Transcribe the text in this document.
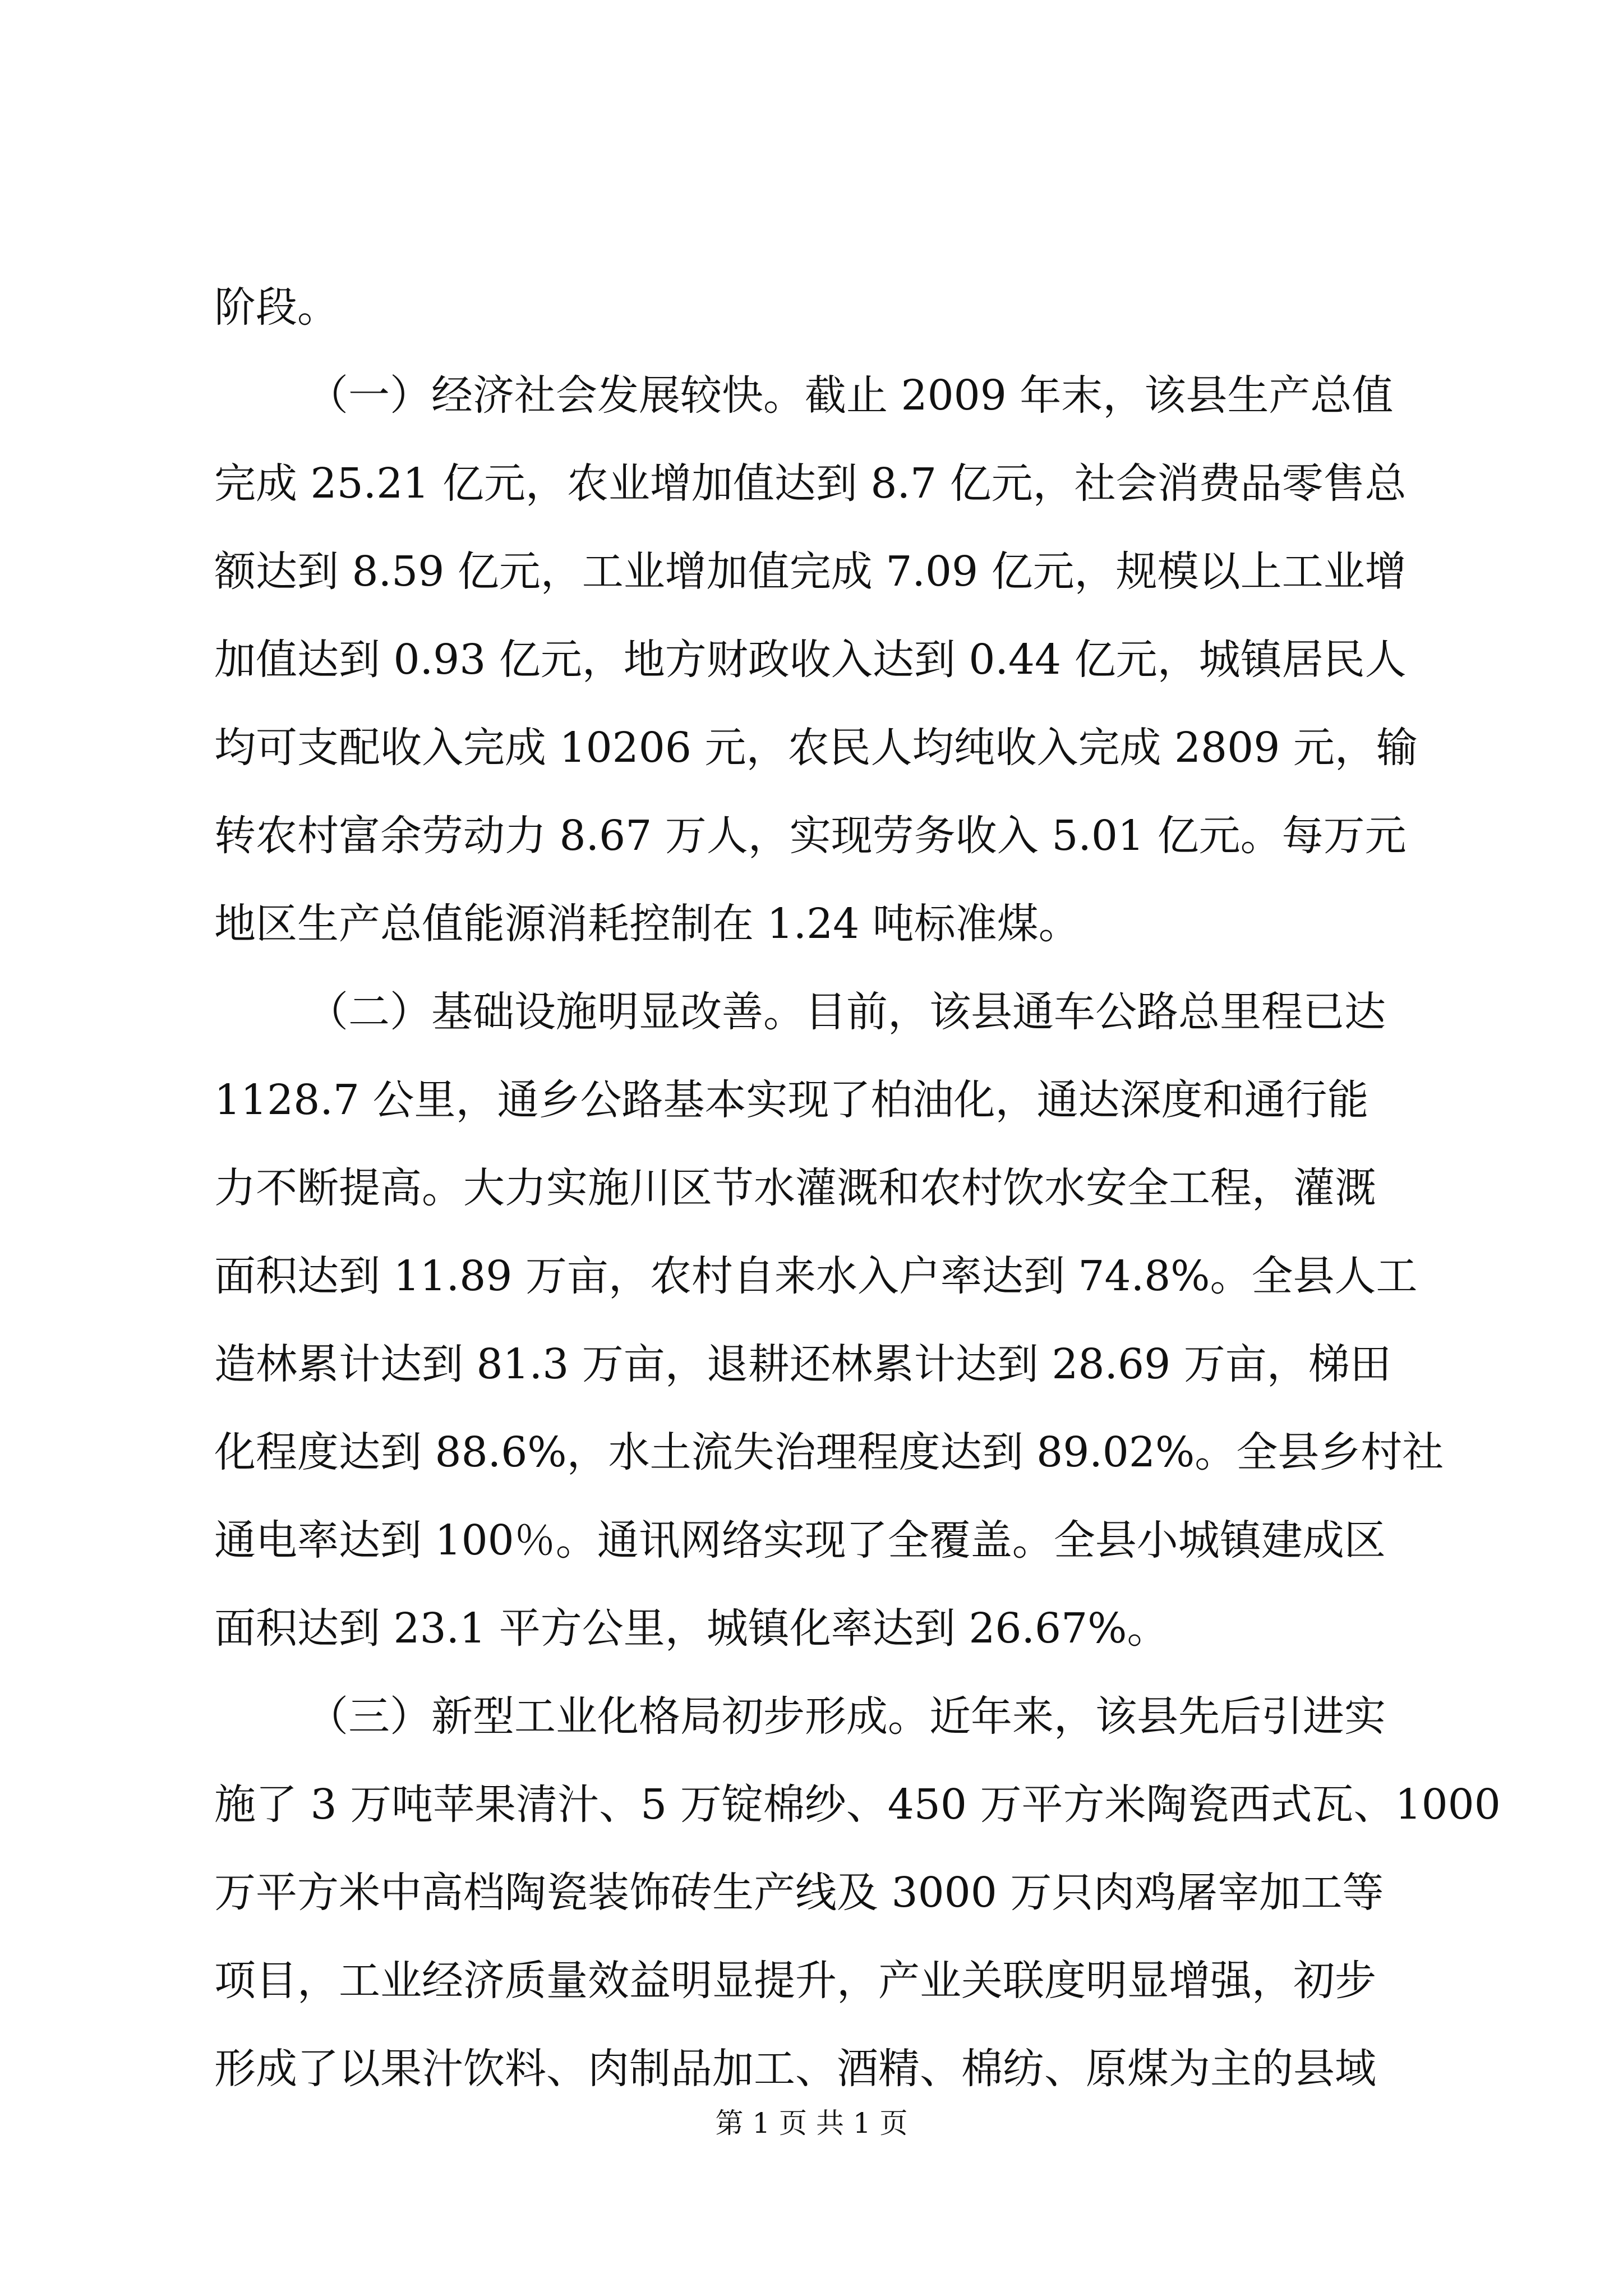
阶段。
（一）经济社会发展较快。截止 2009 年末，该县生产总值
完成 25.21 亿元，农业增加值达到 8.7 亿元，社会消费品零售总
额达到 8.59 亿元，工业增加值完成 7.09 亿元，规模以上工业增
加值达到 0.93 亿元，地方财政收入达到 0.44 亿元，城镇居民人
均可支配收入完成 10206 元，农民人均纯收入完成 2809 元，输
转农村富余劳动力 8.67 万人，实现劳务收入 5.01 亿元。每万元
地区生产总值能源消耗控制在 1.24 吨标准煤。
（二）基础设施明显改善。目前，该县通车公路总里程已达
1128.7 公里，通乡公路基本实现了柏油化，通达深度和通行能
力不断提高。大力实施川区节水灌溉和农村饮水安全工程，灌溉
面积达到 11.89 万亩，农村自来水入户率达到 74.8%。全县人工
造林累计达到 81.3 万亩，退耕还林累计达到 28.69 万亩，梯田
化程度达到 88.6%，水土流失治理程度达到 89.02%。全县乡村社
通电率达到 100％。通讯网络实现了全覆盖。全县小城镇建成区
面积达到 23.1 平方公里，城镇化率达到 26.67%。
（三）新型工业化格局初步形成。近年来，该县先后引进实
施了 3 万吨苹果清汁、5 万锭棉纱、450 万平方米陶瓷西式瓦、1000
万平方米中高档陶瓷装饰砖生产线及 3000 万只肉鸡屠宰加工等
项目，工业经济质量效益明显提升，产业关联度明显增强，初步
形成了以果汁饮料、肉制品加工、酒精、棉纺、原煤为主的县域
第 1 页 共 1 页
